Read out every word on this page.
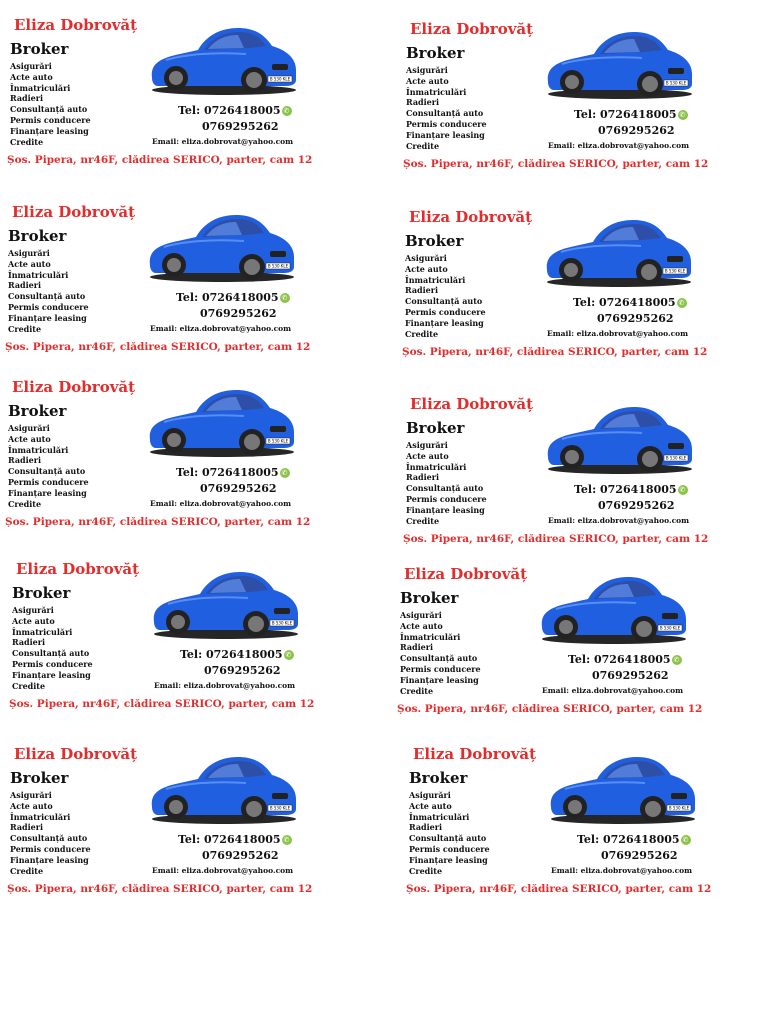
Eliza Dobrovăț
Broker
Asigurări
Acte auto
Înmatriculări
Radieri
Consultanță auto
Permis conducere
Finanțare leasing
Credite
B 530 KLE
Tel: 0726418005 ✆
0769295262
Email: eliza.dobrovat@yahoo.com
Șos. Pipera, nr46F, clădirea SERICO, parter, cam 12
Eliza Dobrovăț
Broker
Asigurări
Acte auto
Înmatriculări
Radieri
Consultanță auto
Permis conducere
Finanțare leasing
Credite
B 530 KLE
Tel: 0726418005 ✆
0769295262
Email: eliza.dobrovat@yahoo.com
Șos. Pipera, nr46F, clădirea SERICO, parter, cam 12
Eliza Dobrovăț
Broker
Asigurări
Acte auto
Înmatriculări
Radieri
Consultanță auto
Permis conducere
Finanțare leasing
Credite
B 530 KLE
Tel: 0726418005 ✆
0769295262
Email: eliza.dobrovat@yahoo.com
Șos. Pipera, nr46F, clădirea SERICO, parter, cam 12
Eliza Dobrovăț
Broker
Asigurări
Acte auto
Înmatriculări
Radieri
Consultanță auto
Permis conducere
Finanțare leasing
Credite
B 530 KLE
Tel: 0726418005 ✆
0769295262
Email: eliza.dobrovat@yahoo.com
Șos. Pipera, nr46F, clădirea SERICO, parter, cam 12
Eliza Dobrovăț
Broker
Asigurări
Acte auto
Înmatriculări
Radieri
Consultanță auto
Permis conducere
Finanțare leasing
Credite
B 530 KLE
Tel: 0726418005 ✆
0769295262
Email: eliza.dobrovat@yahoo.com
Șos. Pipera, nr46F, clădirea SERICO, parter, cam 12
Eliza Dobrovăț
Broker
Asigurări
Acte auto
Înmatriculări
Radieri
Consultanță auto
Permis conducere
Finanțare leasing
Credite
B 530 KLE
Tel: 0726418005 ✆
0769295262
Email: eliza.dobrovat@yahoo.com
Șos. Pipera, nr46F, clădirea SERICO, parter, cam 12
Eliza Dobrovăț
Broker
Asigurări
Acte auto
Înmatriculări
Radieri
Consultanță auto
Permis conducere
Finanțare leasing
Credite
B 530 KLE
Tel: 0726418005 ✆
0769295262
Email: eliza.dobrovat@yahoo.com
Șos. Pipera, nr46F, clădirea SERICO, parter, cam 12
Eliza Dobrovăț
Broker
Asigurări
Acte auto
Înmatriculări
Radieri
Consultanță auto
Permis conducere
Finanțare leasing
Credite
B 530 KLE
Tel: 0726418005 ✆
0769295262
Email: eliza.dobrovat@yahoo.com
Șos. Pipera, nr46F, clădirea SERICO, parter, cam 12
Eliza Dobrovăț
Broker
Asigurări
Acte auto
Înmatriculări
Radieri
Consultanță auto
Permis conducere
Finanțare leasing
Credite
B 530 KLE
Tel: 0726418005 ✆
0769295262
Email: eliza.dobrovat@yahoo.com
Șos. Pipera, nr46F, clădirea SERICO, parter, cam 12
Eliza Dobrovăț
Broker
Asigurări
Acte auto
Înmatriculări
Radieri
Consultanță auto
Permis conducere
Finanțare leasing
Credite
B 530 KLE
Tel: 0726418005 ✆
0769295262
Email: eliza.dobrovat@yahoo.com
Șos. Pipera, nr46F, clădirea SERICO, parter, cam 12
